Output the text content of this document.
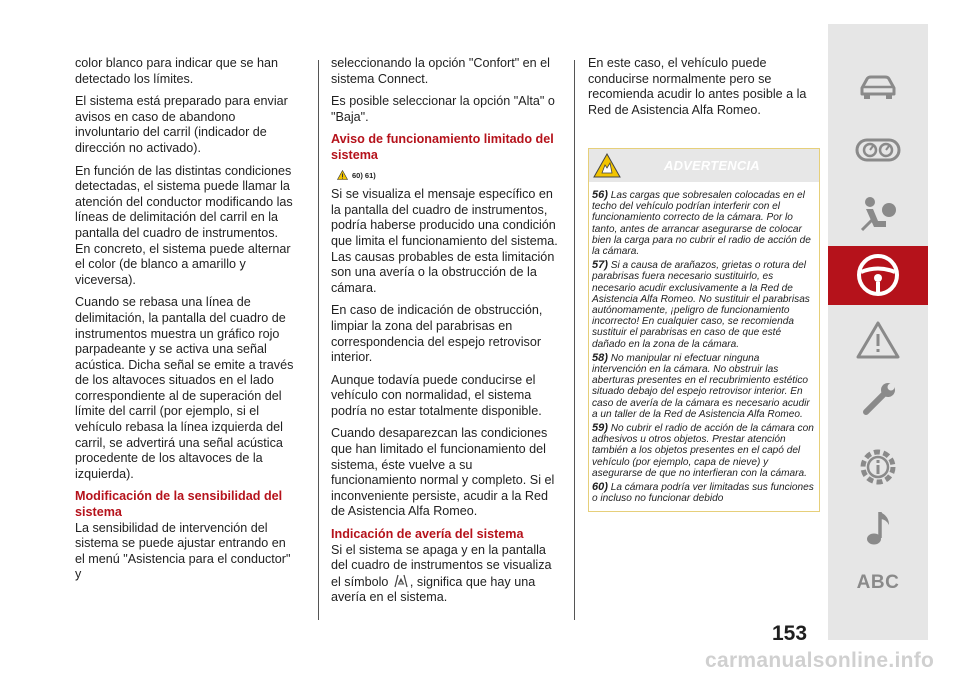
color blanco para indicar que se han detectado los límites.

El sistema está preparado para enviar avisos en caso de abandono involuntario del carril (indicador de dirección no activado).

En función de las distintas condiciones detectadas, el sistema puede llamar la atención del conductor modificando las líneas de delimitación del carril en la pantalla del cuadro de instrumentos. En concreto, el sistema puede alternar el color (de blanco a amarillo y viceversa).

Cuando se rebasa una línea de delimitación, la pantalla del cuadro de instrumentos muestra un gráfico rojo parpadeante y se activa una señal acústica. Dicha señal se emite a través de los altavoces situados en el lado correspondiente al de superación del límite del carril (por ejemplo, si el vehículo rebasa la línea izquierda del carril, se advertirá una señal acústica procedente de los altavoces de la izquierda).

Modificación de la sensibilidad del sistema

La sensibilidad de intervención del sistema se puede ajustar entrando en el menú "Asistencia para el conductor" y

seleccionando la opción "Confort" en el sistema Connect.

Es posible seleccionar la opción "Alta" o "Baja".

Aviso de funcionamiento limitado del sistema
60) 61)

Si se visualiza el mensaje específico en la pantalla del cuadro de instrumentos, podría haberse producido una condición que limita el funcionamiento del sistema. Las causas probables de esta limitación son una avería o la obstrucción de la cámara.

En caso de indicación de obstrucción, limpiar la zona del parabrisas en correspondencia del espejo retrovisor interior.

Aunque todavía puede conducirse el vehículo con normalidad, el sistema podría no estar totalmente disponible.

Cuando desaparezcan las condiciones que han limitado el funcionamiento del sistema, éste vuelve a su funcionamiento normal y completo. Si el inconveniente persiste, acudir a la Red de Asistencia Alfa Romeo.

Indicación de avería del sistema

Si el sistema se apaga y en la pantalla del cuadro de instrumentos se visualiza el símbolo , significa que hay una avería en el sistema.

En este caso, el vehículo puede conducirse normalmente pero se recomienda acudir lo antes posible a la Red de Asistencia Alfa Romeo.

ADVERTENCIA
56) Las cargas que sobresalen colocadas en el techo del vehículo podrían interferir con el funcionamiento correcto de la cámara. Por lo tanto, antes de arrancar asegurarse de colocar bien la carga para no cubrir el radio de acción de la cámara.
57) Si a causa de arañazos, grietas o rotura del parabrisas fuera necesario sustituirlo, es necesario acudir exclusivamente a la Red de Asistencia Alfa Romeo. No sustituir el parabrisas autónomamente, ¡peligro de funcionamiento incorrecto! En cualquier caso, se recomienda sustituir el parabrisas en caso de que esté dañado en la zona de la cámara.
58) No manipular ni efectuar ninguna intervención en la cámara. No obstruir las aberturas presentes en el recubrimiento estético situado debajo del espejo retrovisor interior. En caso de avería de la cámara es necesario acudir a un taller de la Red de Asistencia Alfa Romeo.
59) No cubrir el radio de acción de la cámara con adhesivos u otros objetos. Prestar atención también a los objetos presentes en el capó del vehículo (por ejemplo, capa de nieve) y asegurarse de que no interfieran con la cámara.
60) La cámara podría ver limitadas sus funciones o incluso no funcionar debido
ABC
153
carmanualsonline.info
